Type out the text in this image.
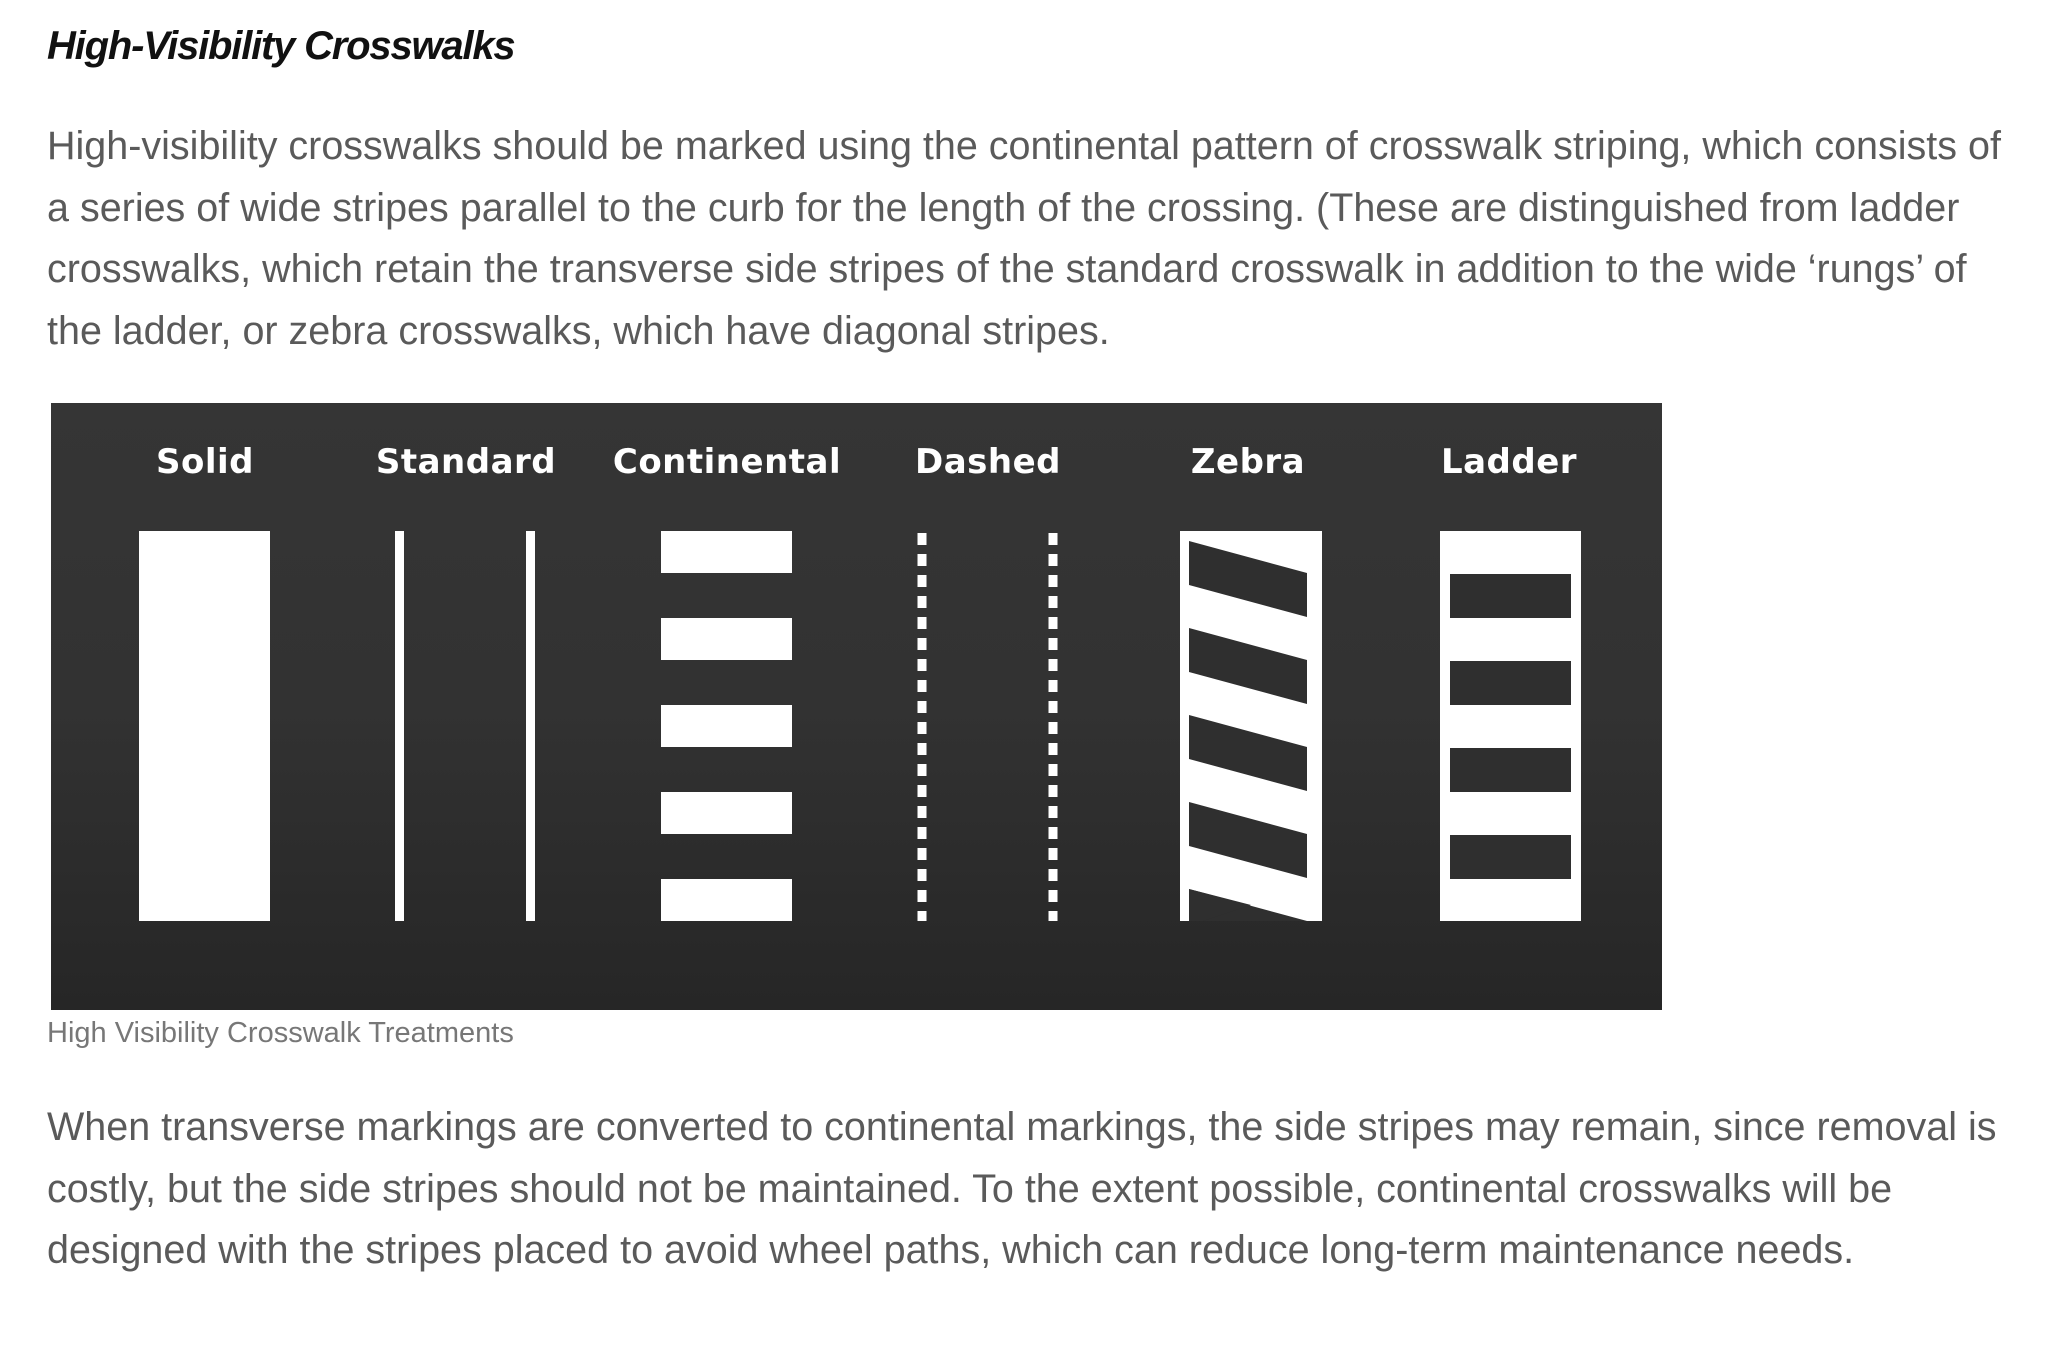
High-Visibility Crosswalks

High-visibility crosswalks should be marked using the continental pattern of crosswalk striping, which consists of a series of wide stripes parallel to the curb for the length of the crossing. (These are distinguished from ladder crosswalks, which retain the transverse side stripes of the standard crosswalk in addition to the wide ‘rungs’ of the ladder, or zebra crosswalks, which have diagonal stripes.

Solid	Standard Continental Dashed	Zebra	Ladder

High Visibility Crosswalk Treatments

When transverse markings are converted to continental markings, the side stripes may remain, since removal is costly, but the side stripes should not be maintained. To the extent possible, continental crosswalks will be designed with the stripes placed to avoid wheel paths, which can reduce long-term maintenance needs.
